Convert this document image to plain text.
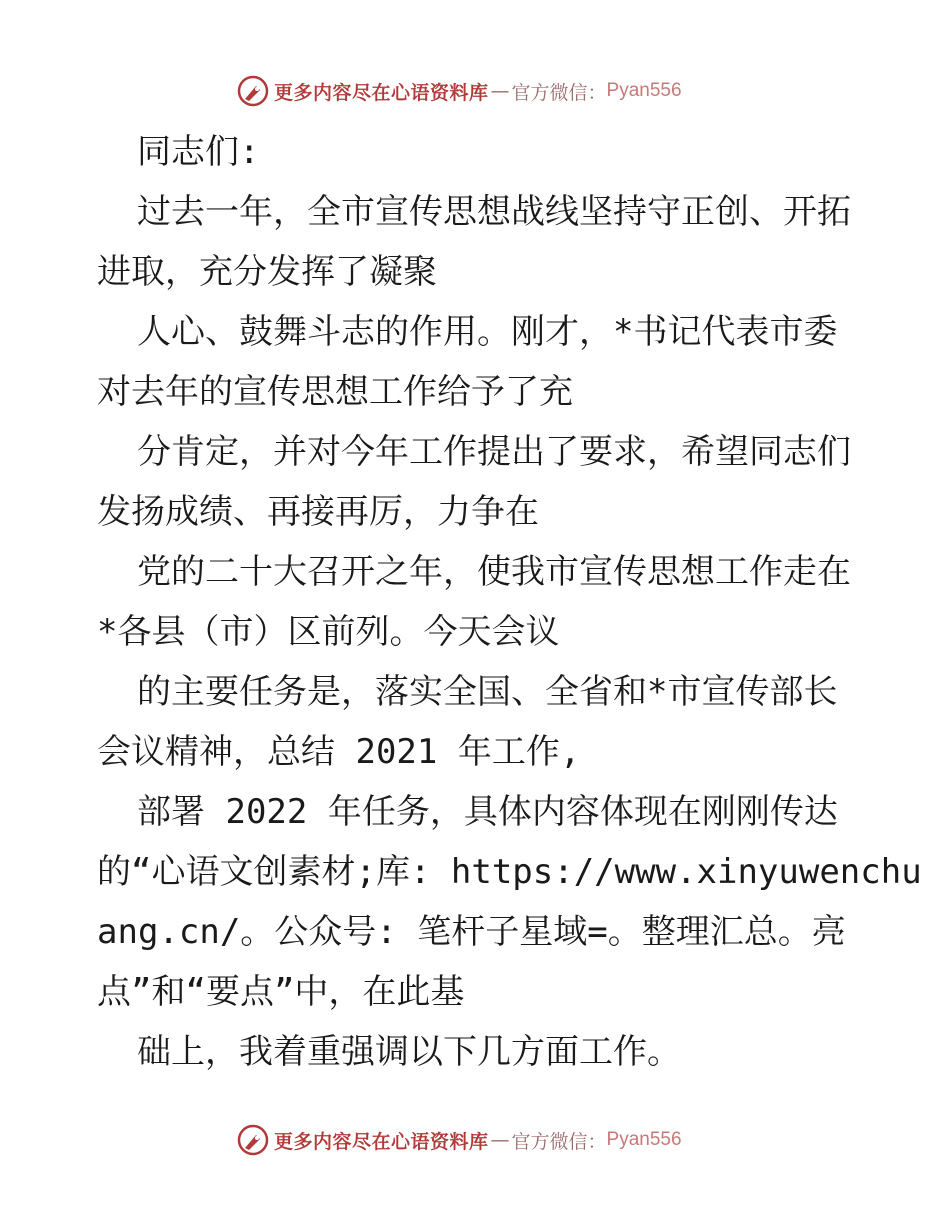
更多内容尽在心语资料库 — 官方微信： Pyan556

同志们:

过去一年，全市宣传思想战线坚持守正创、开拓

进取，充分发挥了凝聚

人心、鼓舞斗志的作用。刚才，*书记代表市委

对去年的宣传思想工作给予了充

分肯定，并对今年工作提出了要求，希望同志们

发扬成绩、再接再厉，力争在

党的二十大召开之年，使我市宣传思想工作走在

*各县（市）区前列。今天会议

的主要任务是，落实全国、全省和*市宣传部长

会议精神，总结 2021 年工作,

部署 2022 年任务，具体内容体现在刚刚传达

的“心语文创素材;库: https://www.xinyuwenchu

ang.cn/。公众号: 笔杆子星域=。整理汇总。亮

点”和“要点”中，在此基

础上，我着重强调以下几方面工作。

更多内容尽在心语资料库 — 官方微信： Pyan556
